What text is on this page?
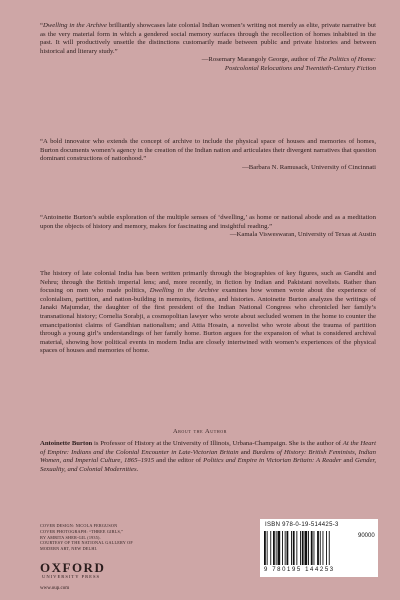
“Dwelling in the Archive brilliantly showcases late colonial Indian women’s writing not merely as elite, private narrative but as the very material form in which a gendered social memory surfaces through the recollection of homes inhabited in the past. It will productively unsettle the distinctions customarily made between public and private histories and between historical and literary study.”
—Rosemary Marangoly George, author of The Politics of Home:
Postcolonial Relocations and Twentieth-Century Fiction
“A bold innovator who extends the concept of archive to include the physical space of houses and memories of homes, Burton documents women’s agency in the creation of the Indian nation and articulates their divergent narratives that question dominant constructions of nationhood.”
—Barbara N. Ramusack, University of Cincinnati
“Antoinette Burton’s subtle exploration of the multiple senses of ‘dwelling,’ as home or national abode and as a meditation upon the objects of history and memory, makes for fascinating and insightful reading.”
—Kamala Visweswaran, University of Texas at Austin
The history of late colonial India has been written primarily through the biographies of key figures, such as Gandhi and Nehru; through the British imperial lens; and, more recently, in fiction by Indian and Pakistani novelists. Rather than focusing on men who made politics, Dwelling in the Archive examines how women wrote about the experience of colonialism, partition, and nation-building in memoirs, fictions, and histories. Antoinette Burton analyzes the writings of Janaki Majumdar, the daughter of the first president of the Indian National Congress who chronicled her family’s transnational history; Cornelia Sorabji, a cosmopolitan lawyer who wrote about secluded women in the home to counter the emancipationist claims of Gandhian nationalism; and Attia Hosain, a novelist who wrote about the trauma of partition through a young girl’s understandings of her family home. Burton argues for the expansion of what is considered archival material, showing how political events in modern India are closely intertwined with women’s experiences of the physical spaces of houses and memories of home.
About the Author
Antoinette Burton is Professor of History at the University of Illinois, Urbana-Champaign. She is the author of At the Heart of Empire: Indians and the Colonial Encounter in Late-Victorian Britain and Burdens of History: British Feminists, Indian Women, and Imperial Culture, 1865–1915 and the editor of Politics and Empire in Victorian Britain: A Reader and Gender, Sexuality, and Colonial Modernities.
COVER DESIGN: NICOLA FERGUSON
COVER PHOTOGRAPH: “THREE GIRLS,”
BY AMRITA SHER-GIL (1935).
COURTESY OF THE NATIONAL GALLERY OF
MODERN ART, NEW DELHI.
OXFORD
UNIVERSITY PRESS
www.oup.com
ISBN 978-0-19-514425-3
90000
9 780195 144253
